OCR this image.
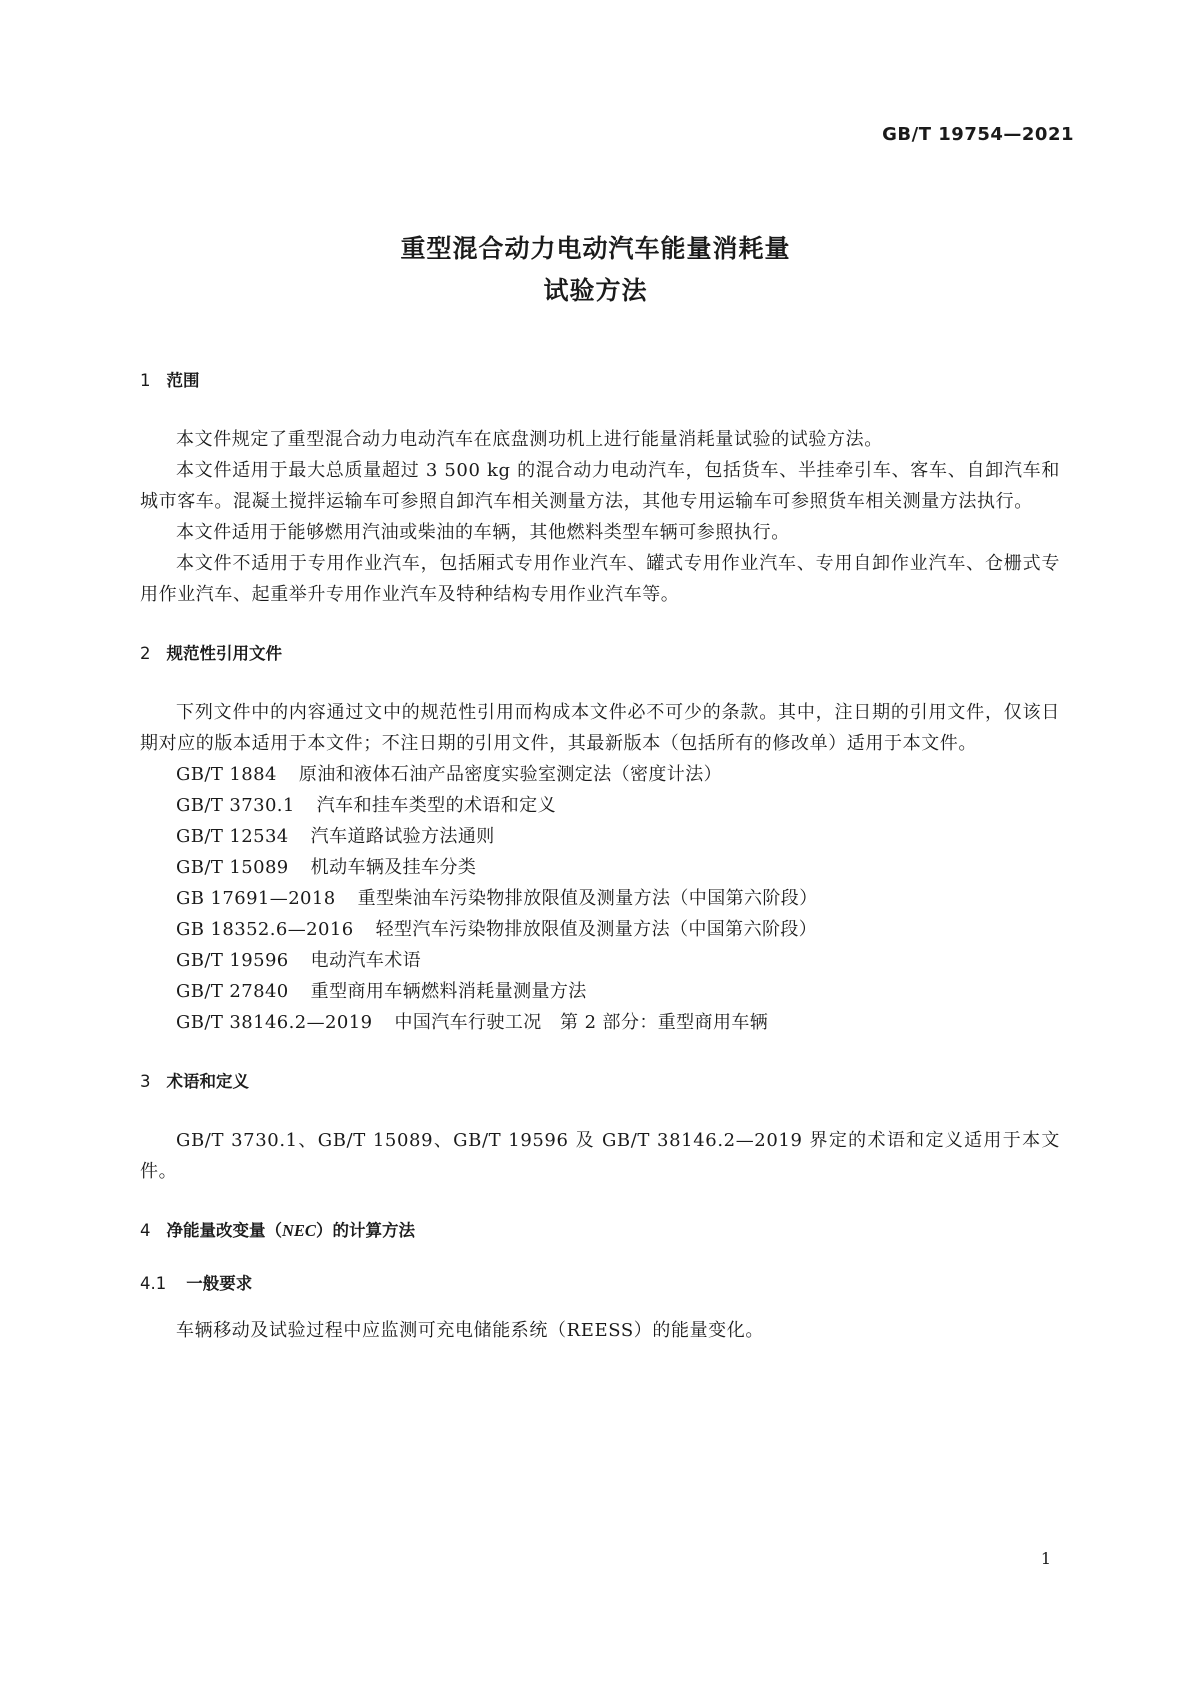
GB/T 19754—2021
重型混合动力电动汽车能量消耗量
试验方法
1 范围
本文件规定了重型混合动力电动汽车在底盘测功机上进行能量消耗量试验的试验方法。
本文件适用于最大总质量超过 3 500 kg 的混合动力电动汽车，包括货车、半挂牵引车、客车、自卸汽车和城市客车。混凝土搅拌运输车可参照自卸汽车相关测量方法，其他专用运输车可参照货车相关测量方法执行。
本文件适用于能够燃用汽油或柴油的车辆，其他燃料类型车辆可参照执行。
本文件不适用于专用作业汽车，包括厢式专用作业汽车、罐式专用作业汽车、专用自卸作业汽车、仓栅式专用作业汽车、起重举升专用作业汽车及特种结构专用作业汽车等。
2 规范性引用文件
下列文件中的内容通过文中的规范性引用而构成本文件必不可少的条款。其中，注日期的引用文件，仅该日期对应的版本适用于本文件；不注日期的引用文件，其最新版本（包括所有的修改单）适用于本文件。
GB/T 1884 原油和液体石油产品密度实验室测定法（密度计法）
GB/T 3730.1 汽车和挂车类型的术语和定义
GB/T 12534 汽车道路试验方法通则
GB/T 15089 机动车辆及挂车分类
GB 17691—2018 重型柴油车污染物排放限值及测量方法（中国第六阶段）
GB 18352.6—2016 轻型汽车污染物排放限值及测量方法（中国第六阶段）
GB/T 19596 电动汽车术语
GB/T 27840 重型商用车辆燃料消耗量测量方法
GB/T 38146.2—2019 中国汽车行驶工况　第 2 部分：重型商用车辆
3 术语和定义
GB/T 3730.1、GB/T 15089、GB/T 19596 及 GB/T 38146.2—2019 界定的术语和定义适用于本文件。
4 净能量改变量（NEC）的计算方法
4.1 一般要求
车辆移动及试验过程中应监测可充电储能系统（REESS）的能量变化。
1
